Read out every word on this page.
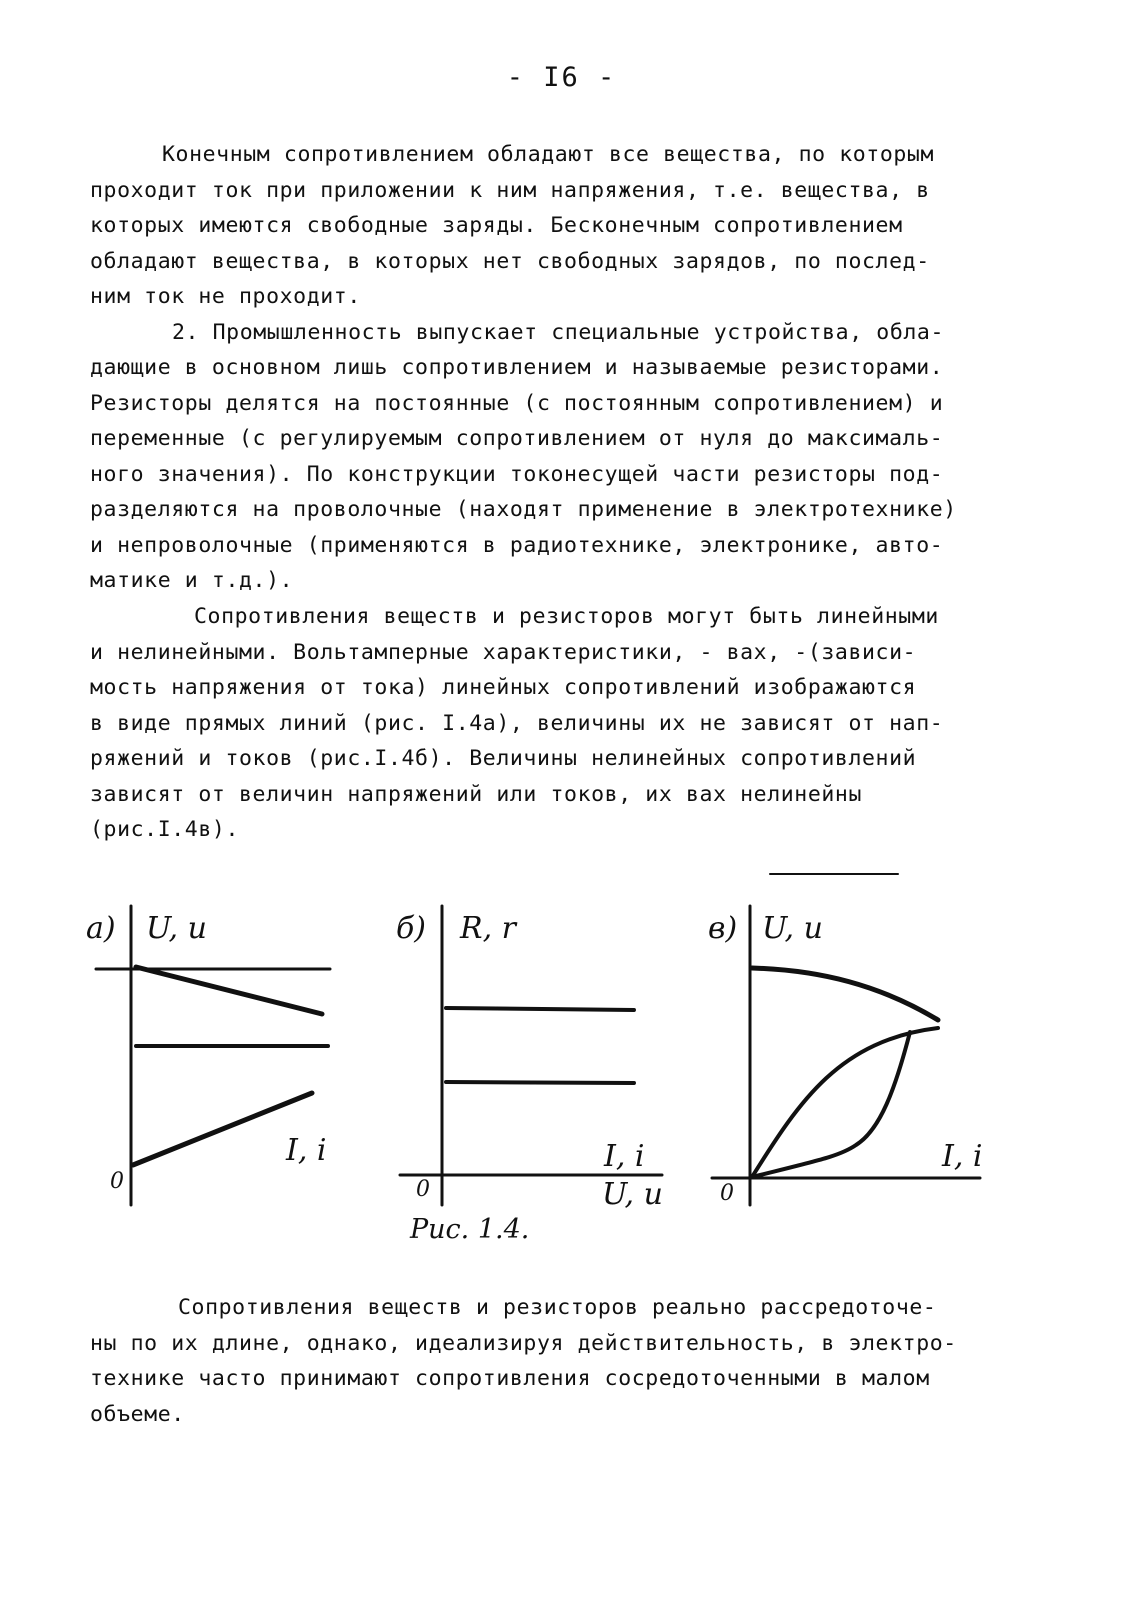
- I6 -
Конечным сопротивлением обладают все вещества, по которым
проходит ток при приложении к ним напряжения, т.е. вещества, в
которых имеются свободные заряды. Бесконечным сопротивлением
обладают вещества, в которых нет свободных зарядов, по послед-
ним ток не проходит.
2. Промышленность выпускает специальные устройства, обла-
дающие в основном лишь сопротивлением и называемые резисторами.
Резисторы делятся на постоянные (с постоянным сопротивлением) и
переменные (с регулируемым сопротивлением от нуля до максималь-
ного значения). По конструкции токонесущей части резисторы под-
разделяются на проволочные (находят применение в электротехнике)
и непроволочные (применяются в радиотехнике, электронике, авто-
матике и т.д.).
Сопротивления веществ и резисторов могут быть линейными
и нелинейными. Вольтамперные характеристики, - вах, -(зависи-
мость напряжения от тока) линейных сопротивлений изображаются
в виде прямых линий (рис. I.4а), величины их не зависят от нап-
ряжений и токов (рис.I.4б). Величины нелинейных сопротивлений
зависят от величин напряжений или токов, их вах нелинейны
(рис.I.4в).
а) U, u
I, i
0
б) R, r
I, i
U, u
0
в) U, u
I, i
0
Рис. 1.4.
Сопротивления веществ и резисторов реально рассредоточе-
ны по их длине, однако, идеализируя действительность, в электро-
технике часто принимают сопротивления сосредоточенными в малом
объеме.
